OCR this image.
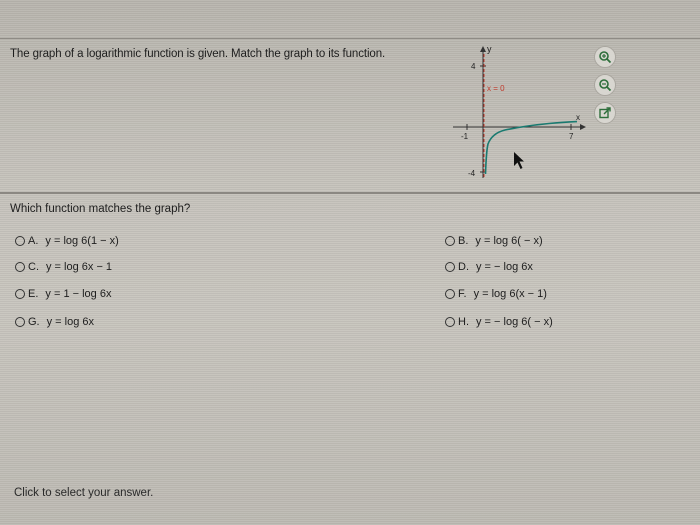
The graph of a logarithmic function is given. Match the graph to its function.	y
x
4
-4
-1	7
x = 0
Which function matches the graph?
A. y = log 6(1 − x)	B. y = log 6( − x)
C. y = log 6x − 1	D. y = − log 6x
E. y = 1 − log 6x	F. y = log 6(x − 1)
G. y = log 6x	H. y = − log 6( − x)
Click to select your answer.
